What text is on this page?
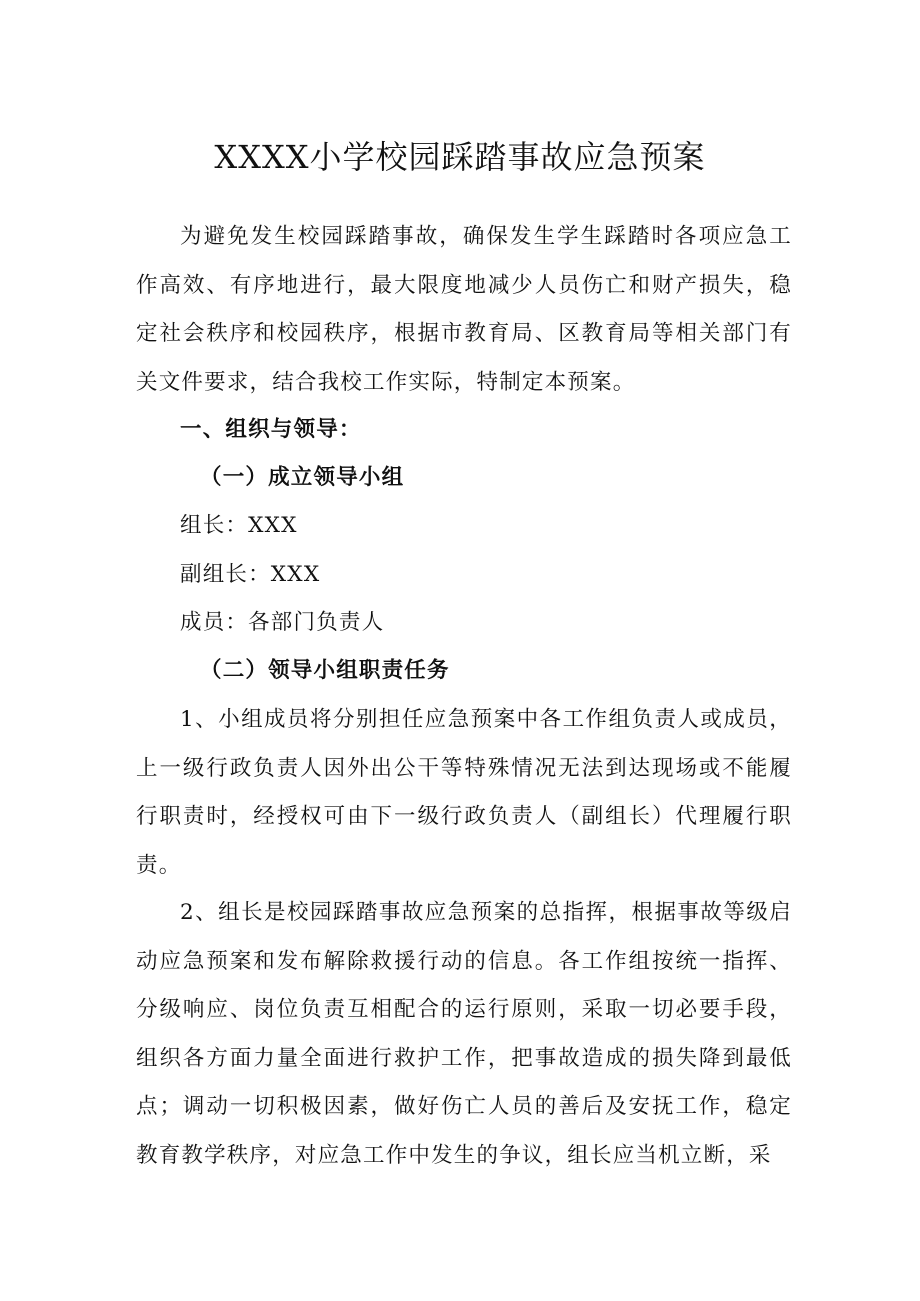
XXXX小学校园踩踏事故应急预案

为避免发生校园踩踏事故，确保发生学生踩踏时各项应急工作高效、有序地进行，最大限度地减少人员伤亡和财产损失，稳定社会秩序和校园秩序，根据市教育局、区教育局等相关部门有关文件要求，结合我校工作实际，特制定本预案。

一、组织与领导：
（一）成立领导小组
组长：XXX
副组长：XXX
成员：各部门负责人
（二）领导小组职责任务

1、小组成员将分别担任应急预案中各工作组负责人或成员，上一级行政负责人因外出公干等特殊情况无法到达现场或不能履行职责时，经授权可由下一级行政负责人（副组长）代理履行职责。

2、组长是校园踩踏事故应急预案的总指挥，根据事故等级启动应急预案和发布解除救援行动的信息。各工作组按统一指挥、分级响应、岗位负责互相配合的运行原则，采取一切必要手段，组织各方面力量全面进行救护工作，把事故造成的损失降到最低点；调动一切积极因素，做好伤亡人员的善后及安抚工作，稳定教育教学秩序，对应急工作中发生的争议，组长应当机立断，采
